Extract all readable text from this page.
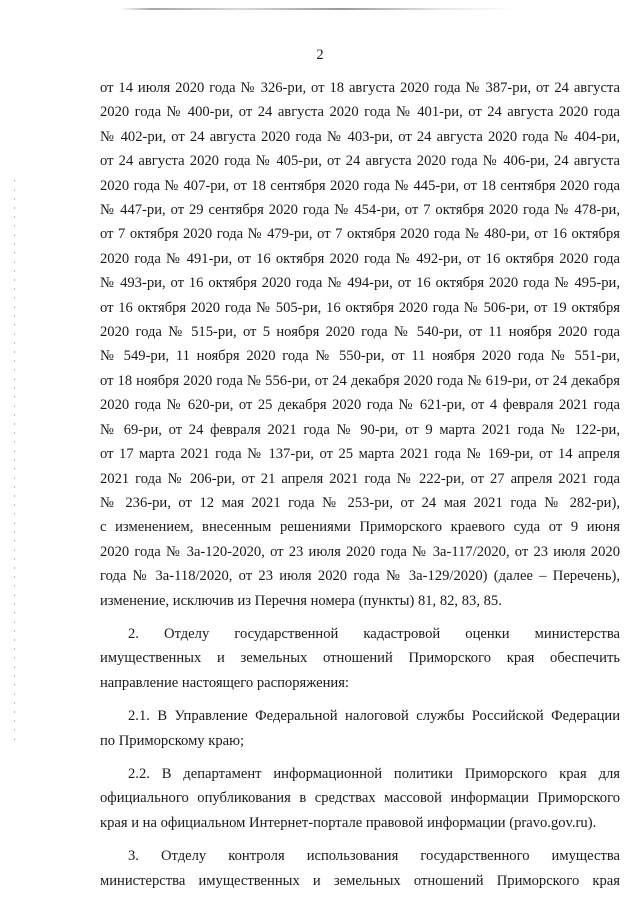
2
от 14 июля 2020 года № 326-ри, от 18 августа 2020 года № 387-ри, от 24 августа
2020 года № 400-ри, от 24 августа 2020 года № 401-ри, от 24 августа 2020 года
№ 402-ри, от 24 августа 2020 года № 403-ри, от 24 августа 2020 года № 404-ри,
от 24 августа 2020 года № 405-ри, от 24 августа 2020 года № 406-ри, 24 августа
2020 года № 407-ри, от 18 сентября 2020 года № 445-ри, от 18 сентября 2020 года
№ 447-ри, от 29 сентября 2020 года № 454-ри, от 7 октября 2020 года № 478-ри,
от 7 октября 2020 года № 479-ри, от 7 октября 2020 года № 480-ри, от 16 октября
2020 года № 491-ри, от 16 октября 2020 года № 492-ри, от 16 октября 2020 года
№ 493-ри, от 16 октября 2020 года № 494-ри, от 16 октября 2020 года № 495-ри,
от 16 октября 2020 года № 505-ри, 16 октября 2020 года № 506-ри, от 19 октября
2020 года № 515-ри, от 5 ноября 2020 года № 540-ри, от 11 ноября 2020 года
№ 549-ри, 11 ноября 2020 года № 550-ри, от 11 ноября 2020 года № 551-ри,
от 18 ноября 2020 года № 556-ри, от 24 декабря 2020 года № 619-ри, от 24 декабря
2020 года № 620-ри, от 25 декабря 2020 года № 621-ри, от 4 февраля 2021 года
№ 69-ри, от 24 февраля 2021 года № 90-ри, от 9 марта 2021 года № 122-ри,
от 17 марта 2021 года № 137-ри, от 25 марта 2021 года № 169-ри, от 14 апреля
2021 года № 206-ри, от 21 апреля 2021 года № 222-ри, от 27 апреля 2021 года
№ 236-ри, от 12 мая 2021 года № 253-ри, от 24 мая 2021 года № 282-ри),
с изменением, внесенным решениями Приморского краевого суда от 9 июня
2020 года № 3а-120-2020, от 23 июля 2020 года № 3а-117/2020, от 23 июля 2020
года № 3а-118/2020, от 23 июля 2020 года № 3а-129/2020) (далее – Перечень),
изменение, исключив из Перечня номера (пункты) 81, 82, 83, 85.
2. Отделу государственной кадастровой оценки министерства
имущественных и земельных отношений Приморского края обеспечить
направление настоящего распоряжения:
2.1. В Управление Федеральной налоговой службы Российской Федерации
по Приморскому краю;
2.2. В департамент информационной политики Приморского края для
официального опубликования в средствах массовой информации Приморского
края и на официальном Интернет-портале правовой информации (pravo.gov.ru).
3. Отделу контроля использования государственного имущества
министерства имущественных и земельных отношений Приморского края
